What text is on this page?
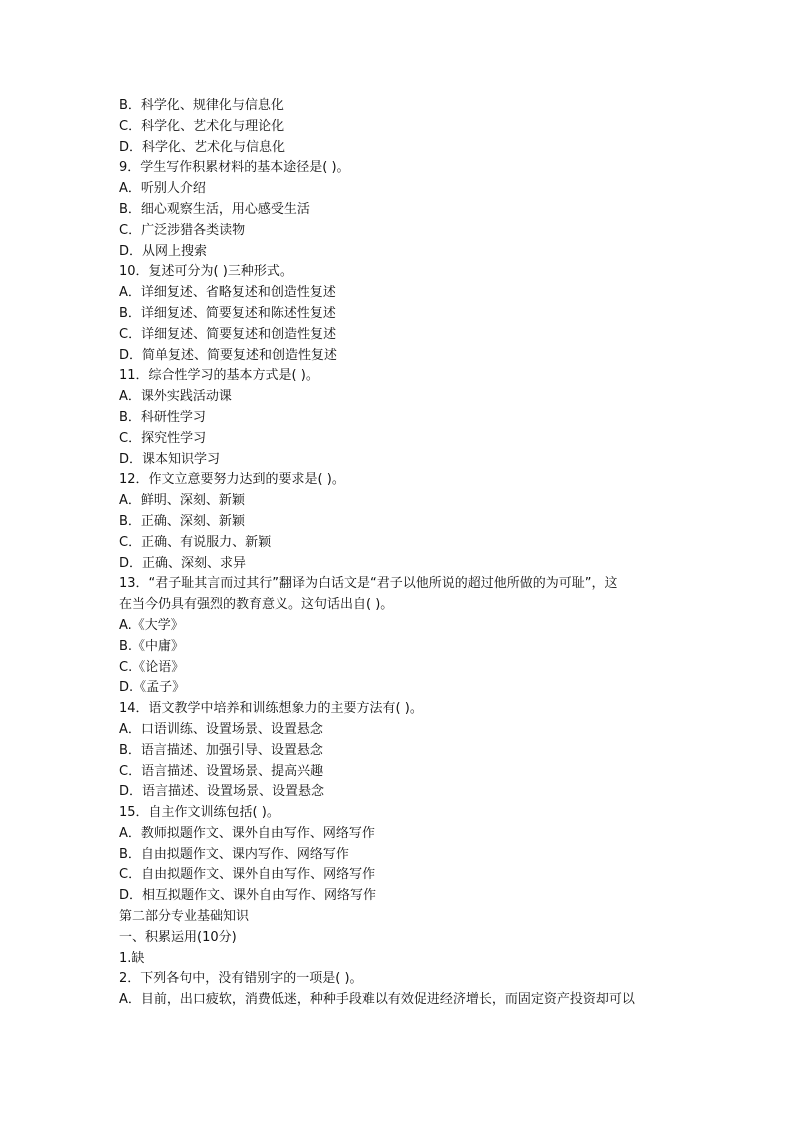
B．科学化、规律化与信息化
C．科学化、艺术化与理论化
D．科学化、艺术化与信息化
9．学生写作积累材料的基本途径是( )。
A．听别人介绍
B．细心观察生活，用心感受生活
C．广泛涉猎各类读物
D．从网上搜索
10．复述可分为( )三种形式。
A．详细复述、省略复述和创造性复述
B．详细复述、简要复述和陈述性复述
C．详细复述、简要复述和创造性复述
D．简单复述、简要复述和创造性复述
11．综合性学习的基本方式是( )。
A．课外实践活动课
B．科研性学习
C．探究性学习
D．课本知识学习
12．作文立意要努力达到的要求是( )。
A．鲜明、深刻、新颖
B．正确、深刻、新颖
C．正确、有说服力、新颖
D．正确、深刻、求异
13．“君子耻其言而过其行”翻译为白话文是“君子以他所说的超过他所做的为可耻”，这
在当今仍具有强烈的教育意义。这句话出自( )。
A.《大学》
B.《中庸》
C.《论语》
D.《孟子》
14．语文教学中培养和训练想象力的主要方法有( )。
A．口语训练、设置场景、设置悬念
B．语言描述、加强引导、设置悬念
C．语言描述、设置场景、提高兴趣
D．语言描述、设置场景、设置悬念
15．自主作文训练包括( )。
A．教师拟题作文、课外自由写作、网络写作
B．自由拟题作文、课内写作、网络写作
C．自由拟题作文、课外自由写作、网络写作
D．相互拟题作文、课外自由写作、网络写作
第二部分专业基础知识
一、积累运用(10分)
1.缺
2．下列各句中，没有错别字的一项是( )。
A．目前，出口疲软，消费低迷，种种手段难以有效促进经济增长，而固定资产投资却可以
